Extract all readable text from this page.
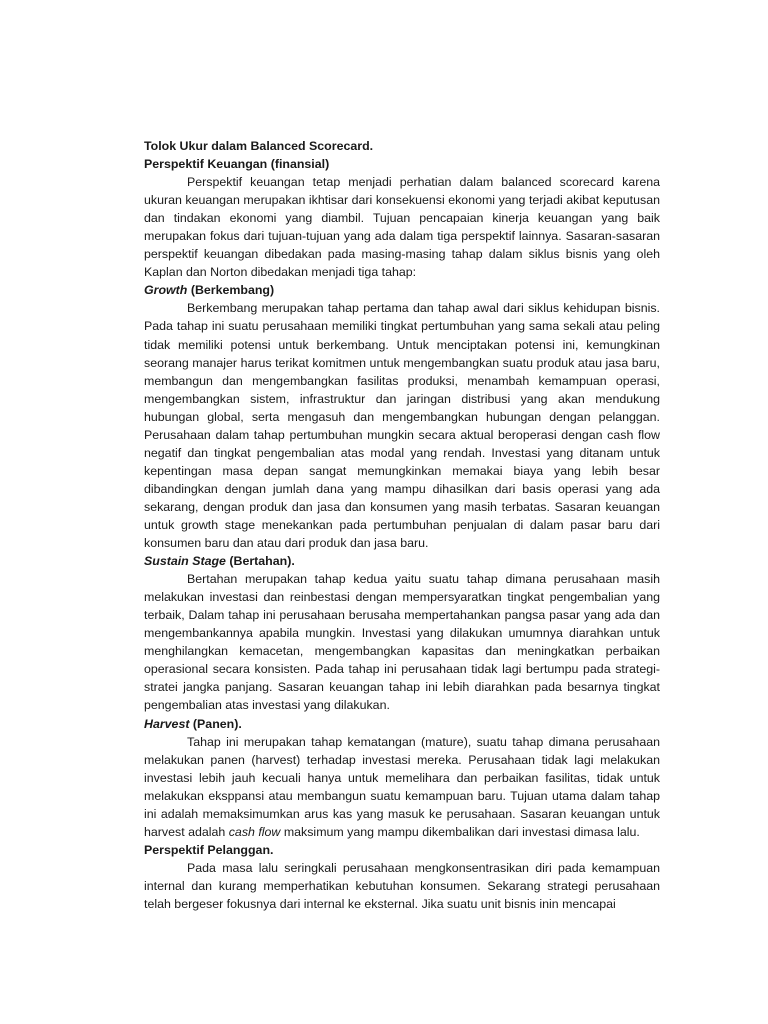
Tolok Ukur dalam Balanced Scorecard.
Perspektif Keuangan (finansial)

Perspektif keuangan tetap menjadi perhatian dalam balanced scorecard karena ukuran keuangan merupakan ikhtisar dari konsekuensi ekonomi yang terjadi akibat keputusan dan tindakan ekonomi yang diambil. Tujuan pencapaian kinerja keuangan yang baik merupakan fokus dari tujuan-tujuan yang ada dalam tiga perspektif lainnya. Sasaran-sasaran perspektif keuangan dibedakan pada masing-masing tahap dalam siklus bisnis yang oleh Kaplan dan Norton dibedakan menjadi tiga tahap:

Growth (Berkembang)

Berkembang merupakan tahap pertama dan tahap awal dari siklus kehidupan bisnis. Pada tahap ini suatu perusahaan memiliki tingkat pertumbuhan yang sama sekali atau peling tidak memiliki potensi untuk berkembang. Untuk menciptakan potensi ini, kemungkinan seorang manajer harus terikat komitmen untuk mengembangkan suatu produk atau jasa baru, membangun dan mengembangkan fasilitas produksi, menambah kemampuan operasi, mengembangkan sistem, infrastruktur dan jaringan distribusi yang akan mendukung hubungan global, serta mengasuh dan mengembangkan hubungan dengan pelanggan. Perusahaan dalam tahap pertumbuhan mungkin secara aktual beroperasi dengan cash flow negatif dan tingkat pengembalian atas modal yang rendah. Investasi yang ditanam untuk kepentingan masa depan sangat memungkinkan memakai biaya yang lebih besar dibandingkan dengan jumlah dana yang mampu dihasilkan dari basis operasi yang ada sekarang, dengan produk dan jasa dan konsumen yang masih terbatas. Sasaran keuangan untuk growth stage menekankan pada pertumbuhan penjualan di dalam pasar baru dari konsumen baru dan atau dari produk dan jasa baru.

Sustain Stage (Bertahan).

Bertahan merupakan tahap kedua yaitu suatu tahap dimana perusahaan masih melakukan investasi dan reinbestasi dengan mempersyaratkan tingkat pengembalian yang terbaik, Dalam tahap ini perusahaan berusaha mempertahankan pangsa pasar yang ada dan mengembankannya apabila mungkin. Investasi yang dilakukan umumnya diarahkan untuk menghilangkan kemacetan, mengembangkan kapasitas dan meningkatkan perbaikan operasional secara konsisten. Pada tahap ini perusahaan tidak lagi bertumpu pada strategi-stratei jangka panjang. Sasaran keuangan tahap ini lebih diarahkan pada besarnya tingkat pengembalian atas investasi yang dilakukan.

Harvest (Panen).

Tahap ini merupakan tahap kematangan (mature), suatu tahap dimana perusahaan melakukan panen (harvest) terhadap investasi mereka. Perusahaan tidak lagi melakukan investasi lebih jauh kecuali hanya untuk memelihara dan perbaikan fasilitas, tidak untuk melakukan eksppansi atau membangun suatu kemampuan baru. Tujuan utama dalam tahap ini adalah memaksimumkan arus kas yang masuk ke perusahaan. Sasaran keuangan untuk harvest adalah cash flow maksimum yang mampu dikembalikan dari investasi dimasa lalu.

Perspektif Pelanggan.

Pada masa lalu seringkali perusahaan mengkonsentrasikan diri pada kemampuan internal dan kurang memperhatikan kebutuhan konsumen. Sekarang strategi perusahaan telah bergeser fokusnya dari internal ke eksternal. Jika suatu unit bisnis inin mencapai
